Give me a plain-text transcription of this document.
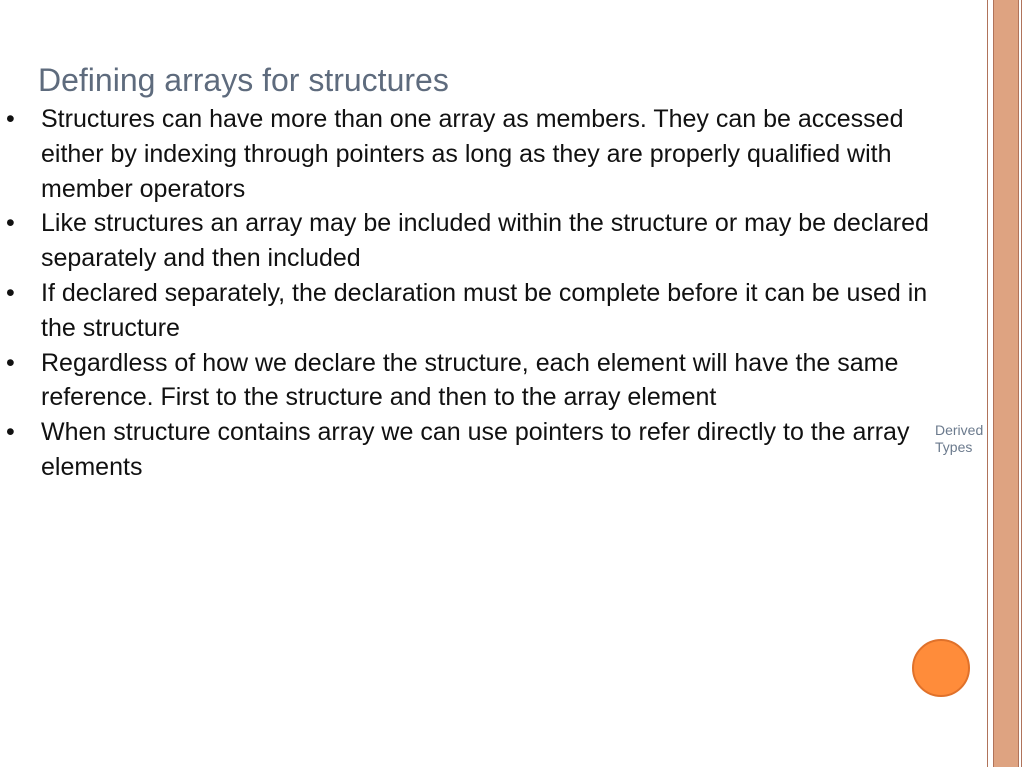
Defining arrays for structures
• Structures can have more than one array as members. They can be accessed either by indexing through pointers as long as they are properly qualified with member operators
• Like structures an array may be included within the structure or may be declared separately and then included
• If declared separately, the declaration must be complete before it can be used in the structure
• Regardless of how we declare the structure, each element will have the same reference. First to the structure and then to the array element
• When structure contains array we can use pointers to refer directly to the array elements
Derived
Types
